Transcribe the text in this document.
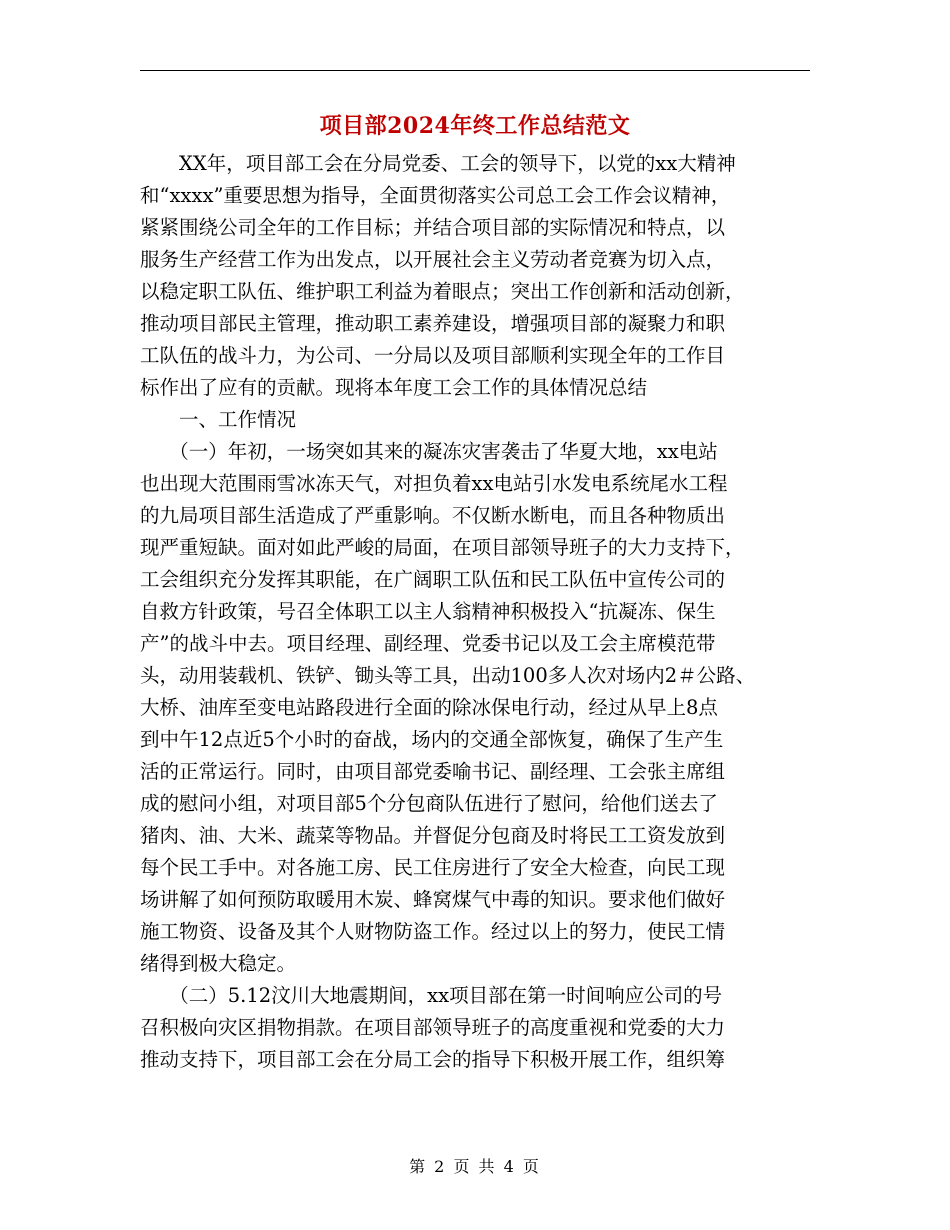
项目部2024年终工作总结范文
　　XX年，项目部工会在分局党委、工会的领导下，以党的xx大精神
和“xxxx”重要思想为指导，全面贯彻落实公司总工会工作会议精神，
紧紧围绕公司全年的工作目标；并结合项目部的实际情况和特点，以
服务生产经营工作为出发点，以开展社会主义劳动者竞赛为切入点，
以稳定职工队伍、维护职工利益为着眼点；突出工作创新和活动创新，
推动项目部民主管理，推动职工素养建设，增强项目部的凝聚力和职
工队伍的战斗力，为公司、一分局以及项目部顺利实现全年的工作目
标作出了应有的贡献。现将本年度工会工作的具体情况总结
　　一、工作情况
　　（一）年初，一场突如其来的凝冻灾害袭击了华夏大地，xx电站
也出现大范围雨雪冰冻天气，对担负着xx电站引水发电系统尾水工程
的九局项目部生活造成了严重影响。不仅断水断电，而且各种物质出
现严重短缺。面对如此严峻的局面，在项目部领导班子的大力支持下，
工会组织充分发挥其职能，在广阔职工队伍和民工队伍中宣传公司的
自救方针政策，号召全体职工以主人翁精神积极投入“抗凝冻、保生
产”的战斗中去。项目经理、副经理、党委书记以及工会主席模范带
头，动用装载机、铁铲、锄头等工具，出动100多人次对场内2＃公路、
大桥、油库至变电站路段进行全面的除冰保电行动，经过从早上8点
到中午12点近5个小时的奋战，场内的交通全部恢复，确保了生产生
活的正常运行。同时，由项目部党委喻书记、副经理、工会张主席组
成的慰问小组，对项目部5个分包商队伍进行了慰问，给他们送去了
猪肉、油、大米、蔬菜等物品。并督促分包商及时将民工工资发放到
每个民工手中。对各施工房、民工住房进行了安全大检查，向民工现
场讲解了如何预防取暖用木炭、蜂窝煤气中毒的知识。要求他们做好
施工物资、设备及其个人财物防盗工作。经过以上的努力，使民工情
绪得到极大稳定。
　　（二）5.12汶川大地震期间，xx项目部在第一时间响应公司的号
召积极向灾区捐物捐款。在项目部领导班子的高度重视和党委的大力
推动支持下，项目部工会在分局工会的指导下积极开展工作，组织筹
第 2 页 共 4 页
